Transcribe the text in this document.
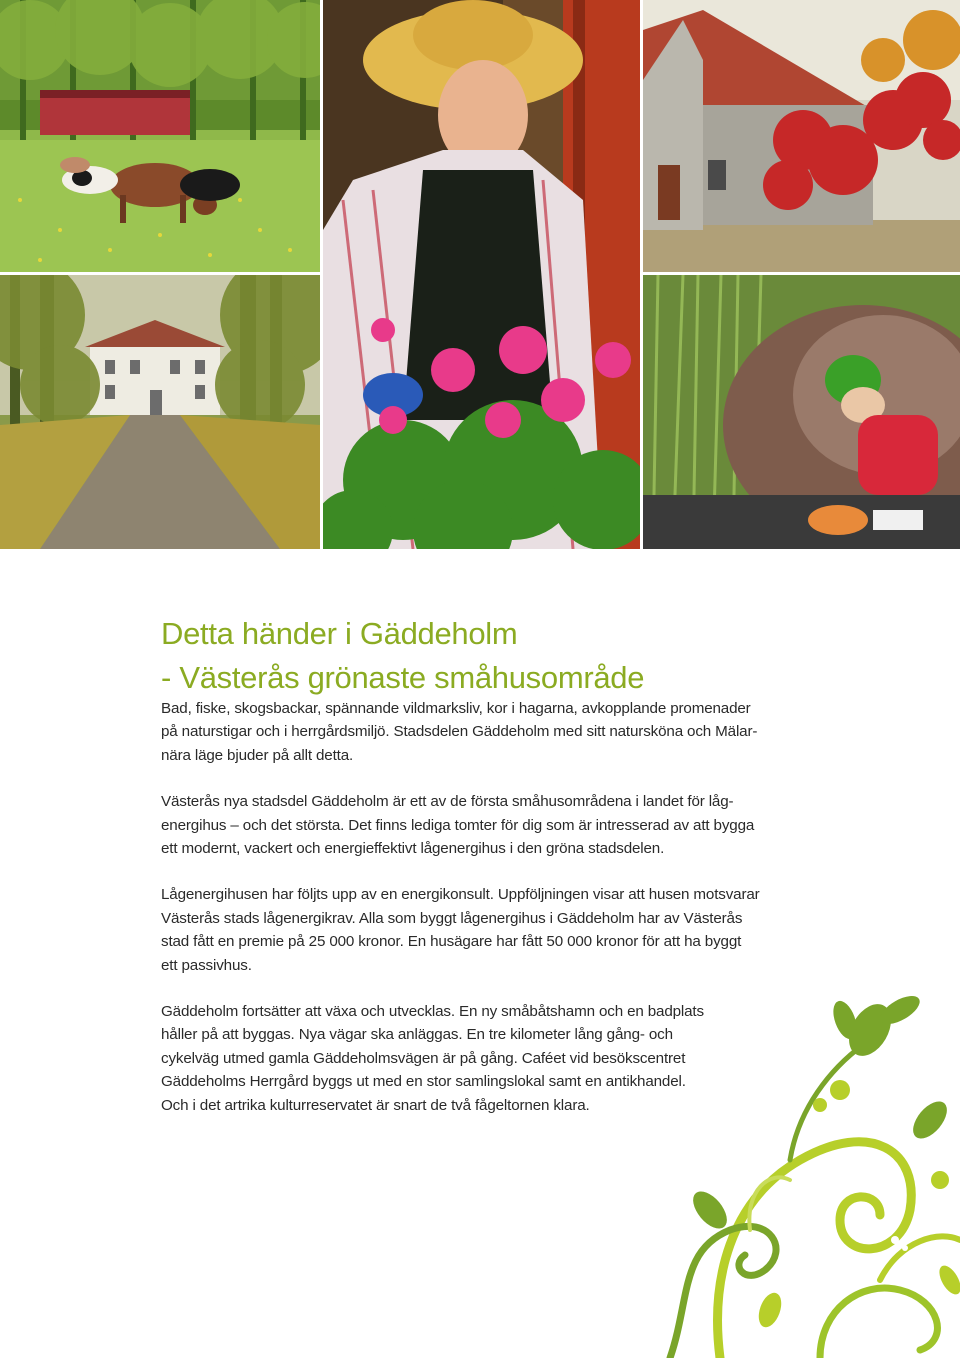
Detta händer i Gäddeholm
- Västerås grönaste småhusområde

Bad, fiske, skogsbackar, spännande vildmarksliv, kor i hagarna, avkopplande promenader
på naturstigar och i herrgårdsmiljö. Stadsdelen Gäddeholm med sitt natursköna och Mälar-
nära läge bjuder på allt detta.

Västerås nya stadsdel Gäddeholm är ett av de första småhusområdena i landet för låg-
energihus – och det största. Det finns lediga tomter för dig som är intresserad av att bygga
ett modernt, vackert och energieffektivt lågenergihus i den gröna stadsdelen.

Lågenergihusen har följts upp av en energikonsult. Uppföljningen visar att husen motsvarar
Västerås stads lågenergikrav. Alla som byggt lågenergihus i Gäddeholm har av Västerås
stad fått en premie på 25 000 kronor. En husägare har fått 50 000 kronor för att ha byggt
ett passivhus.

Gäddeholm fortsätter att växa och utvecklas. En ny småbåtshamn och en badplats
håller på att byggas. Nya vägar ska anläggas. En tre kilometer lång gång- och
cykelväg utmed gamla Gäddeholmsvägen är på gång. Caféet vid besökscentret
Gäddeholms Herrgård byggs ut med en stor samlingslokal samt en antikhandel.
Och i det artrika kulturreservatet är snart de två fågeltornen klara.
